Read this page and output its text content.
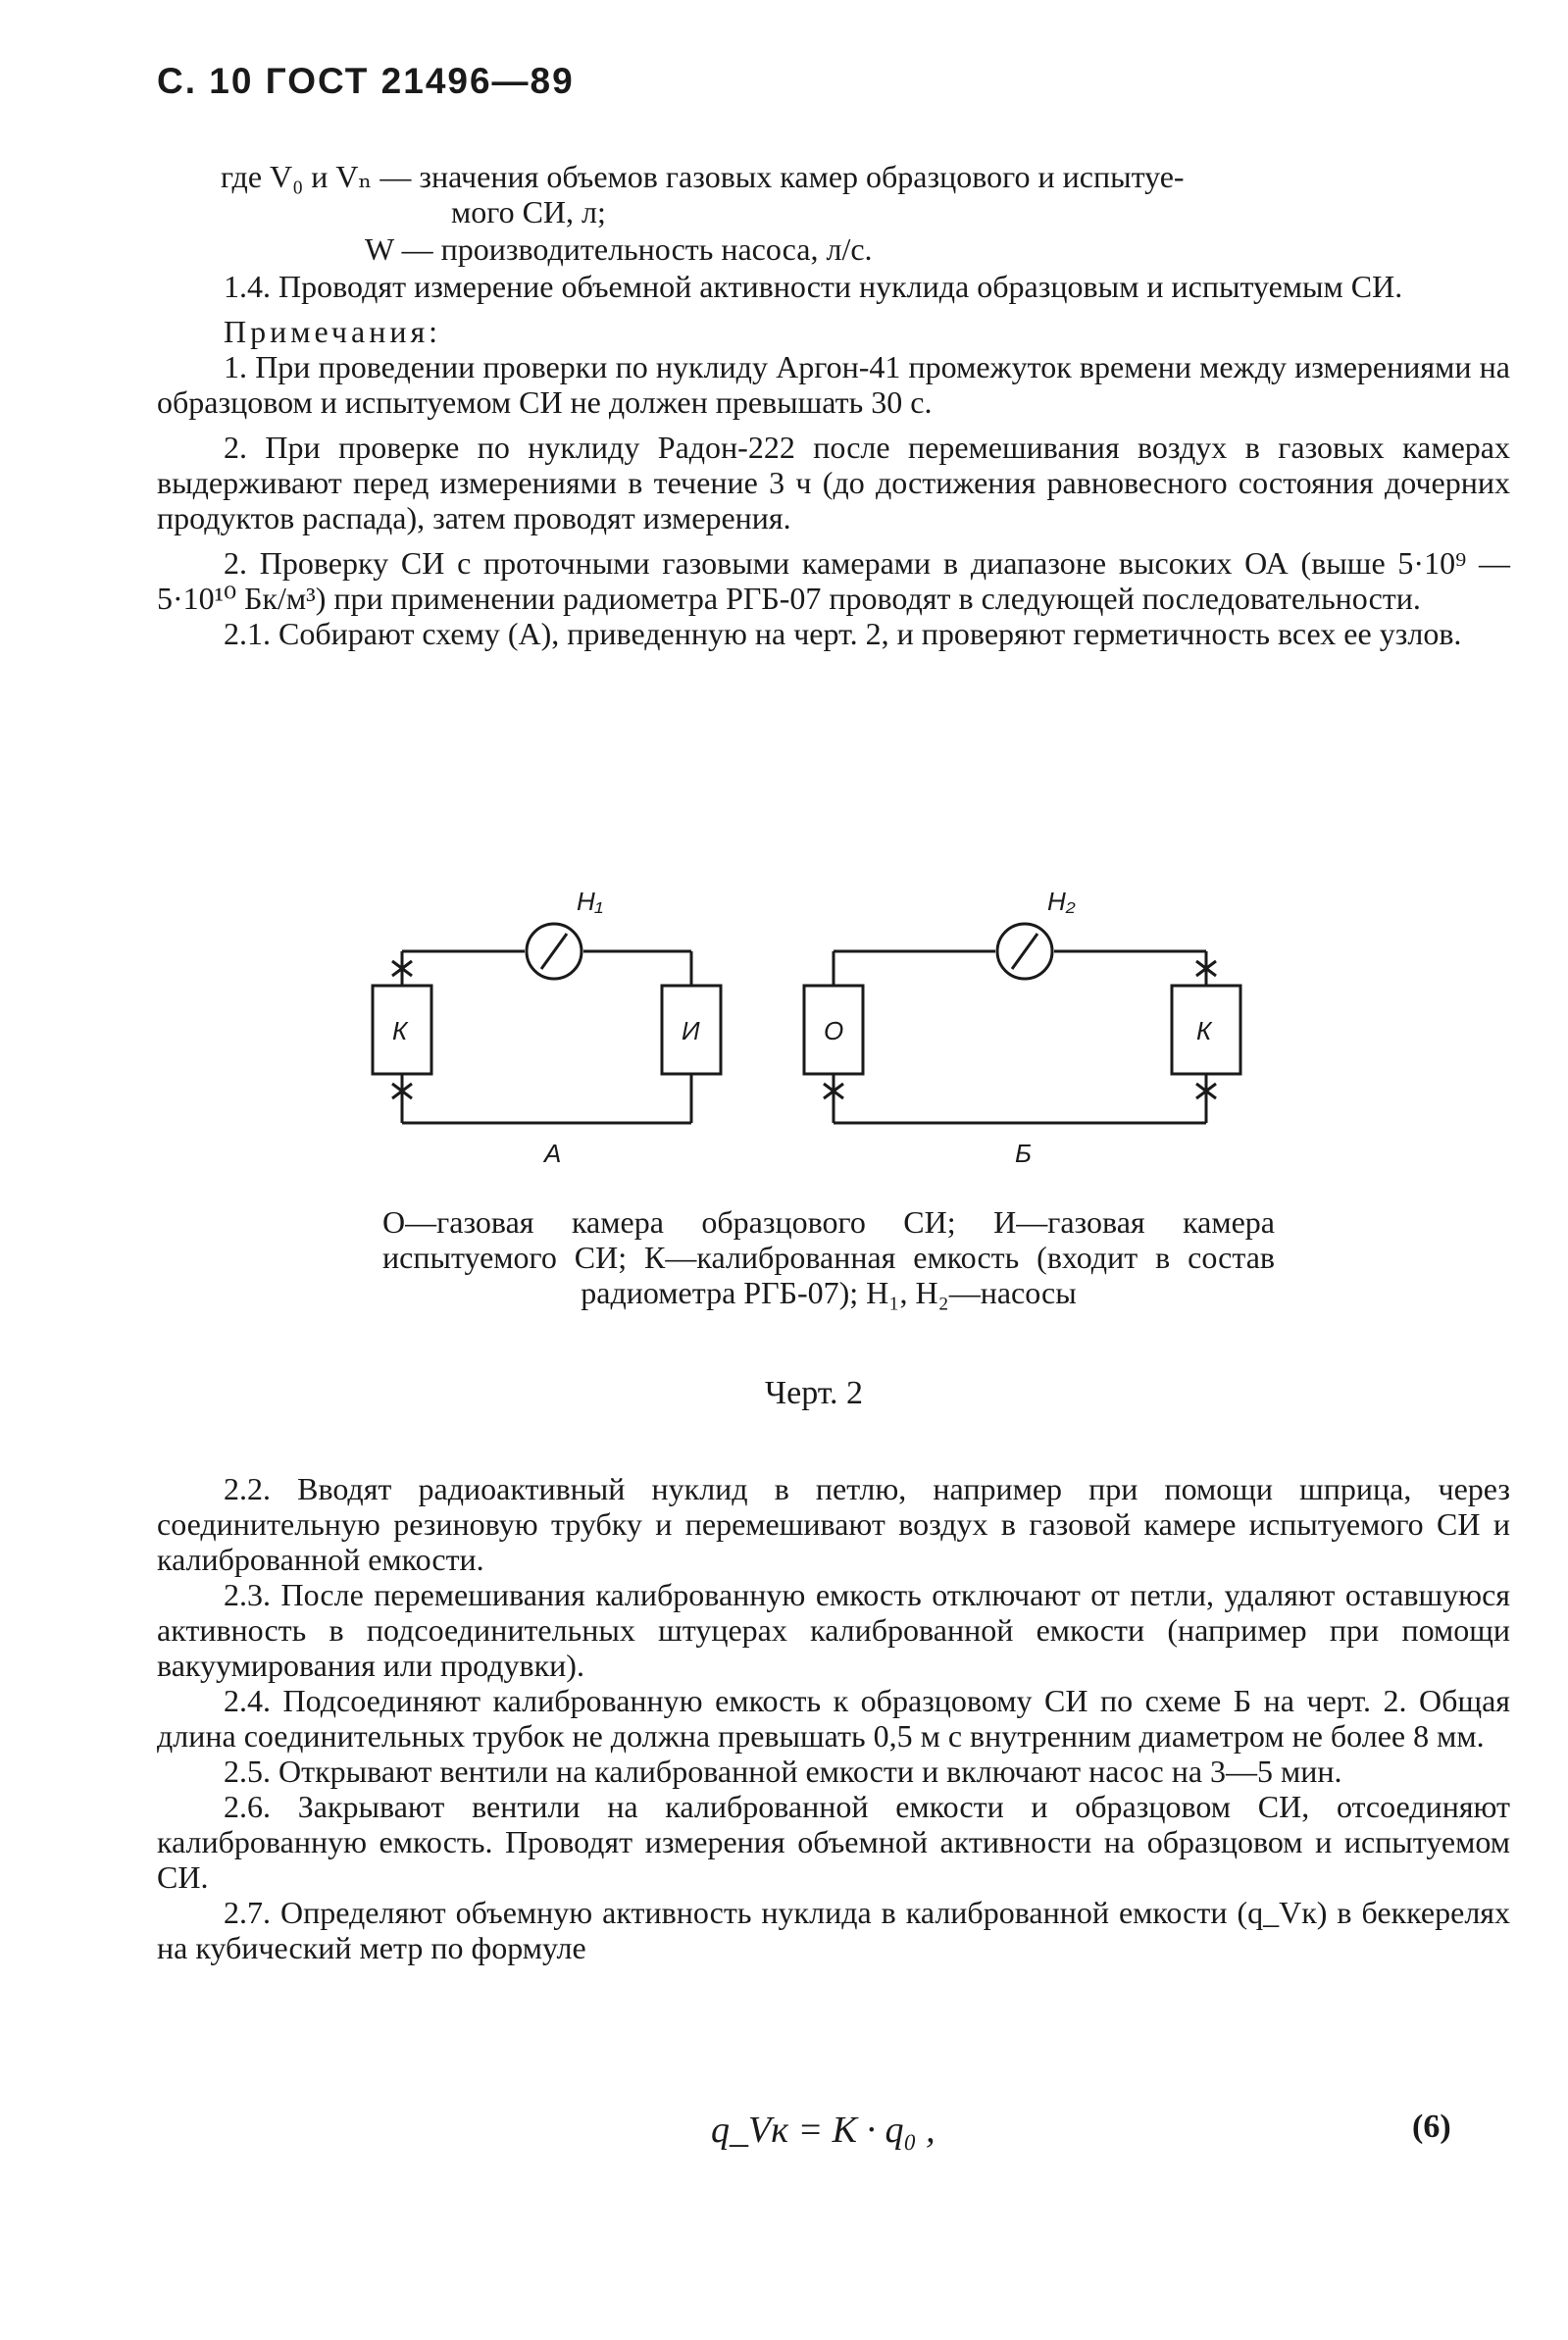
С. 10 ГОСТ 21496—89
где V₀ и Vₙ — значения объемов газовых камер образцового и испытуе-
мого СИ, л;
W — производительность насоса, л/с.

1.4. Проводят измерение объемной активности нуклида образцовым и испытуемым СИ.

Примечания:

1. При проведении проверки по нуклиду Аргон-41 промежуток времени между измерениями на образцовом и испытуемом СИ не должен превышать 30 с.

2. При проверке по нуклиду Радон-222 после перемешивания воздух в газовых камерах выдерживают перед измерениями в течение 3 ч (до достижения равновесного состояния дочерних продуктов распада), затем проводят измерения.

2. Проверку СИ с проточными газовыми камерами в диапазоне высоких ОА (выше 5·10⁹ — 5·10¹⁰ Бк/м³) при применении радиометра РГБ-07 проводят в следующей последовательности.

2.1. Собирают схему (А), приведенную на черт. 2, и проверяют герметичность всех ее узлов.

H₁	H₂
К	И	О	К
А	Б
О—газовая камера образцового СИ; И—газовая камера испытуемого СИ; К—калиброванная емкость (входит в состав радиометра РГБ-07); H₁, H₂—насосы
Черт. 2

2.2. Вводят радиоактивный нуклид в петлю, например при помощи шприца, через соединительную резиновую трубку и перемешивают воздух в газовой камере испытуемого СИ и калиброванной емкости.

2.3. После перемешивания калиброванную емкость отключают от петли, удаляют оставшуюся активность в подсоединительных штуцерах калиброванной емкости (например при помощи вакуумирования или продувки).

2.4. Подсоединяют калиброванную емкость к образцовому СИ по схеме Б на черт. 2. Общая длина соединительных трубок не должна превышать 0,5 м с внутренним диаметром не более 8 мм.

2.5. Открывают вентили на калиброванной емкости и включают насос на 3—5 мин.

2.6. Закрывают вентили на калиброванной емкости и образцовом СИ, отсоединяют калиброванную емкость. Проводят измерения объемной активности на образцовом и испытуемом СИ.

2.7. Определяют объемную активность нуклида в калиброванной емкости (q_Vк) в беккерелях на кубический метр по формуле

q_Vк = K · q₀ ,	(6)
